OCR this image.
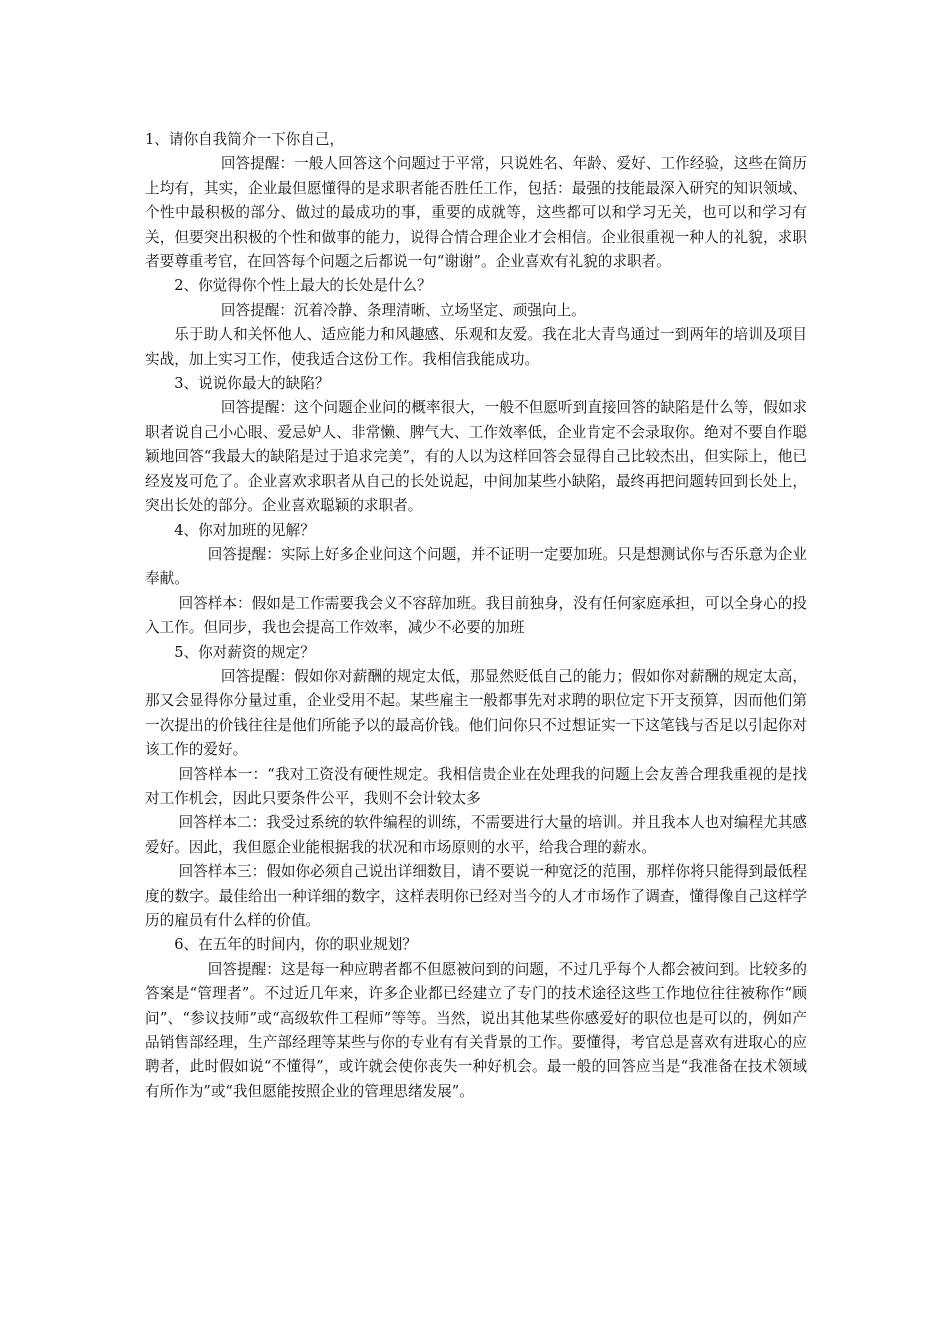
1、请你自我简介一下你自己，

回答提醒：一般人回答这个问题过于平常，只说姓名、年龄、爱好、工作经验，这些在简历上均有，其实，企业最但愿懂得的是求职者能否胜任工作，包括：最强的技能最深入研究的知识领域、个性中最积极的部分、做过的最成功的事，重要的成就等，这些都可以和学习无关，也可以和学习有关，但要突出积极的个性和做事的能力，说得合情合理企业才会相信。企业很重视一种人的礼貌，求职者要尊重考官，在回答每个问题之后都说一句“谢谢”。企业喜欢有礼貌的求职者。

2、你觉得你个性上最大的长处是什么？

回答提醒：沉着冷静、条理清晰、立场坚定、顽强向上。

乐于助人和关怀他人、适应能力和风趣感、乐观和友爱。我在北大青鸟通过一到两年的培训及项目实战，加上实习工作，使我适合这份工作。我相信我能成功。

3、说说你最大的缺陷？

回答提醒：这个问题企业问的概率很大，一般不但愿听到直接回答的缺陷是什么等，假如求职者说自己小心眼、爱忌妒人、非常懒、脾气大、工作效率低，企业肯定不会录取你。绝对不要自作聪颖地回答“我最大的缺陷是过于追求完美”，有的人以为这样回答会显得自己比较杰出，但实际上，他已经岌岌可危了。企业喜欢求职者从自己的长处说起，中间加某些小缺陷，最终再把问题转回到长处上，突出长处的部分。企业喜欢聪颖的求职者。

4、你对加班的见解？

回答提醒：实际上好多企业问这个问题，并不证明一定要加班。只是想测试你与否乐意为企业奉献。

回答样本：假如是工作需要我会义不容辞加班。我目前独身，没有任何家庭承担，可以全身心的投入工作。但同步，我也会提高工作效率，减少不必要的加班

5、你对薪资的规定？

回答提醒：假如你对薪酬的规定太低，那显然贬低自己的能力；假如你对薪酬的规定太高，那又会显得你分量过重，企业受用不起。某些雇主一般都事先对求聘的职位定下开支预算，因而他们第一次提出的价钱往往是他们所能予以的最高价钱。他们问你只不过想证实一下这笔钱与否足以引起你对该工作的爱好。

回答样本一：“我对工资没有硬性规定。我相信贵企业在处理我的问题上会友善合理我重视的是找对工作机会，因此只要条件公平，我则不会计较太多

回答样本二：我受过系统的软件编程的训练，不需要进行大量的培训。并且我本人也对编程尤其感爱好。因此，我但愿企业能根据我的状况和市场原则的水平，给我合理的薪水。

回答样本三：假如你必须自己说出详细数目，请不要说一种宽泛的范围，那样你将只能得到最低程度的数字。最佳给出一种详细的数字，这样表明你已经对当今的人才市场作了调查，懂得像自己这样学历的雇员有什么样的价值。

6、在五年的时间内，你的职业规划？

回答提醒：这是每一种应聘者都不但愿被问到的问题，不过几乎每个人都会被问到。比较多的答案是“管理者”。不过近几年来，许多企业都已经建立了专门的技术途径这些工作地位往往被称作“顾问”、“参议技师”或“高级软件工程师”等等。当然，说出其他某些你感爱好的职位也是可以的，例如产品销售部经理，生产部经理等某些与你的专业有有关背景的工作。要懂得，考官总是喜欢有进取心的应聘者，此时假如说“不懂得”，或许就会使你丧失一种好机会。最一般的回答应当是“我准备在技术领域有所作为”或“我但愿能按照企业的管理思绪发展”。
